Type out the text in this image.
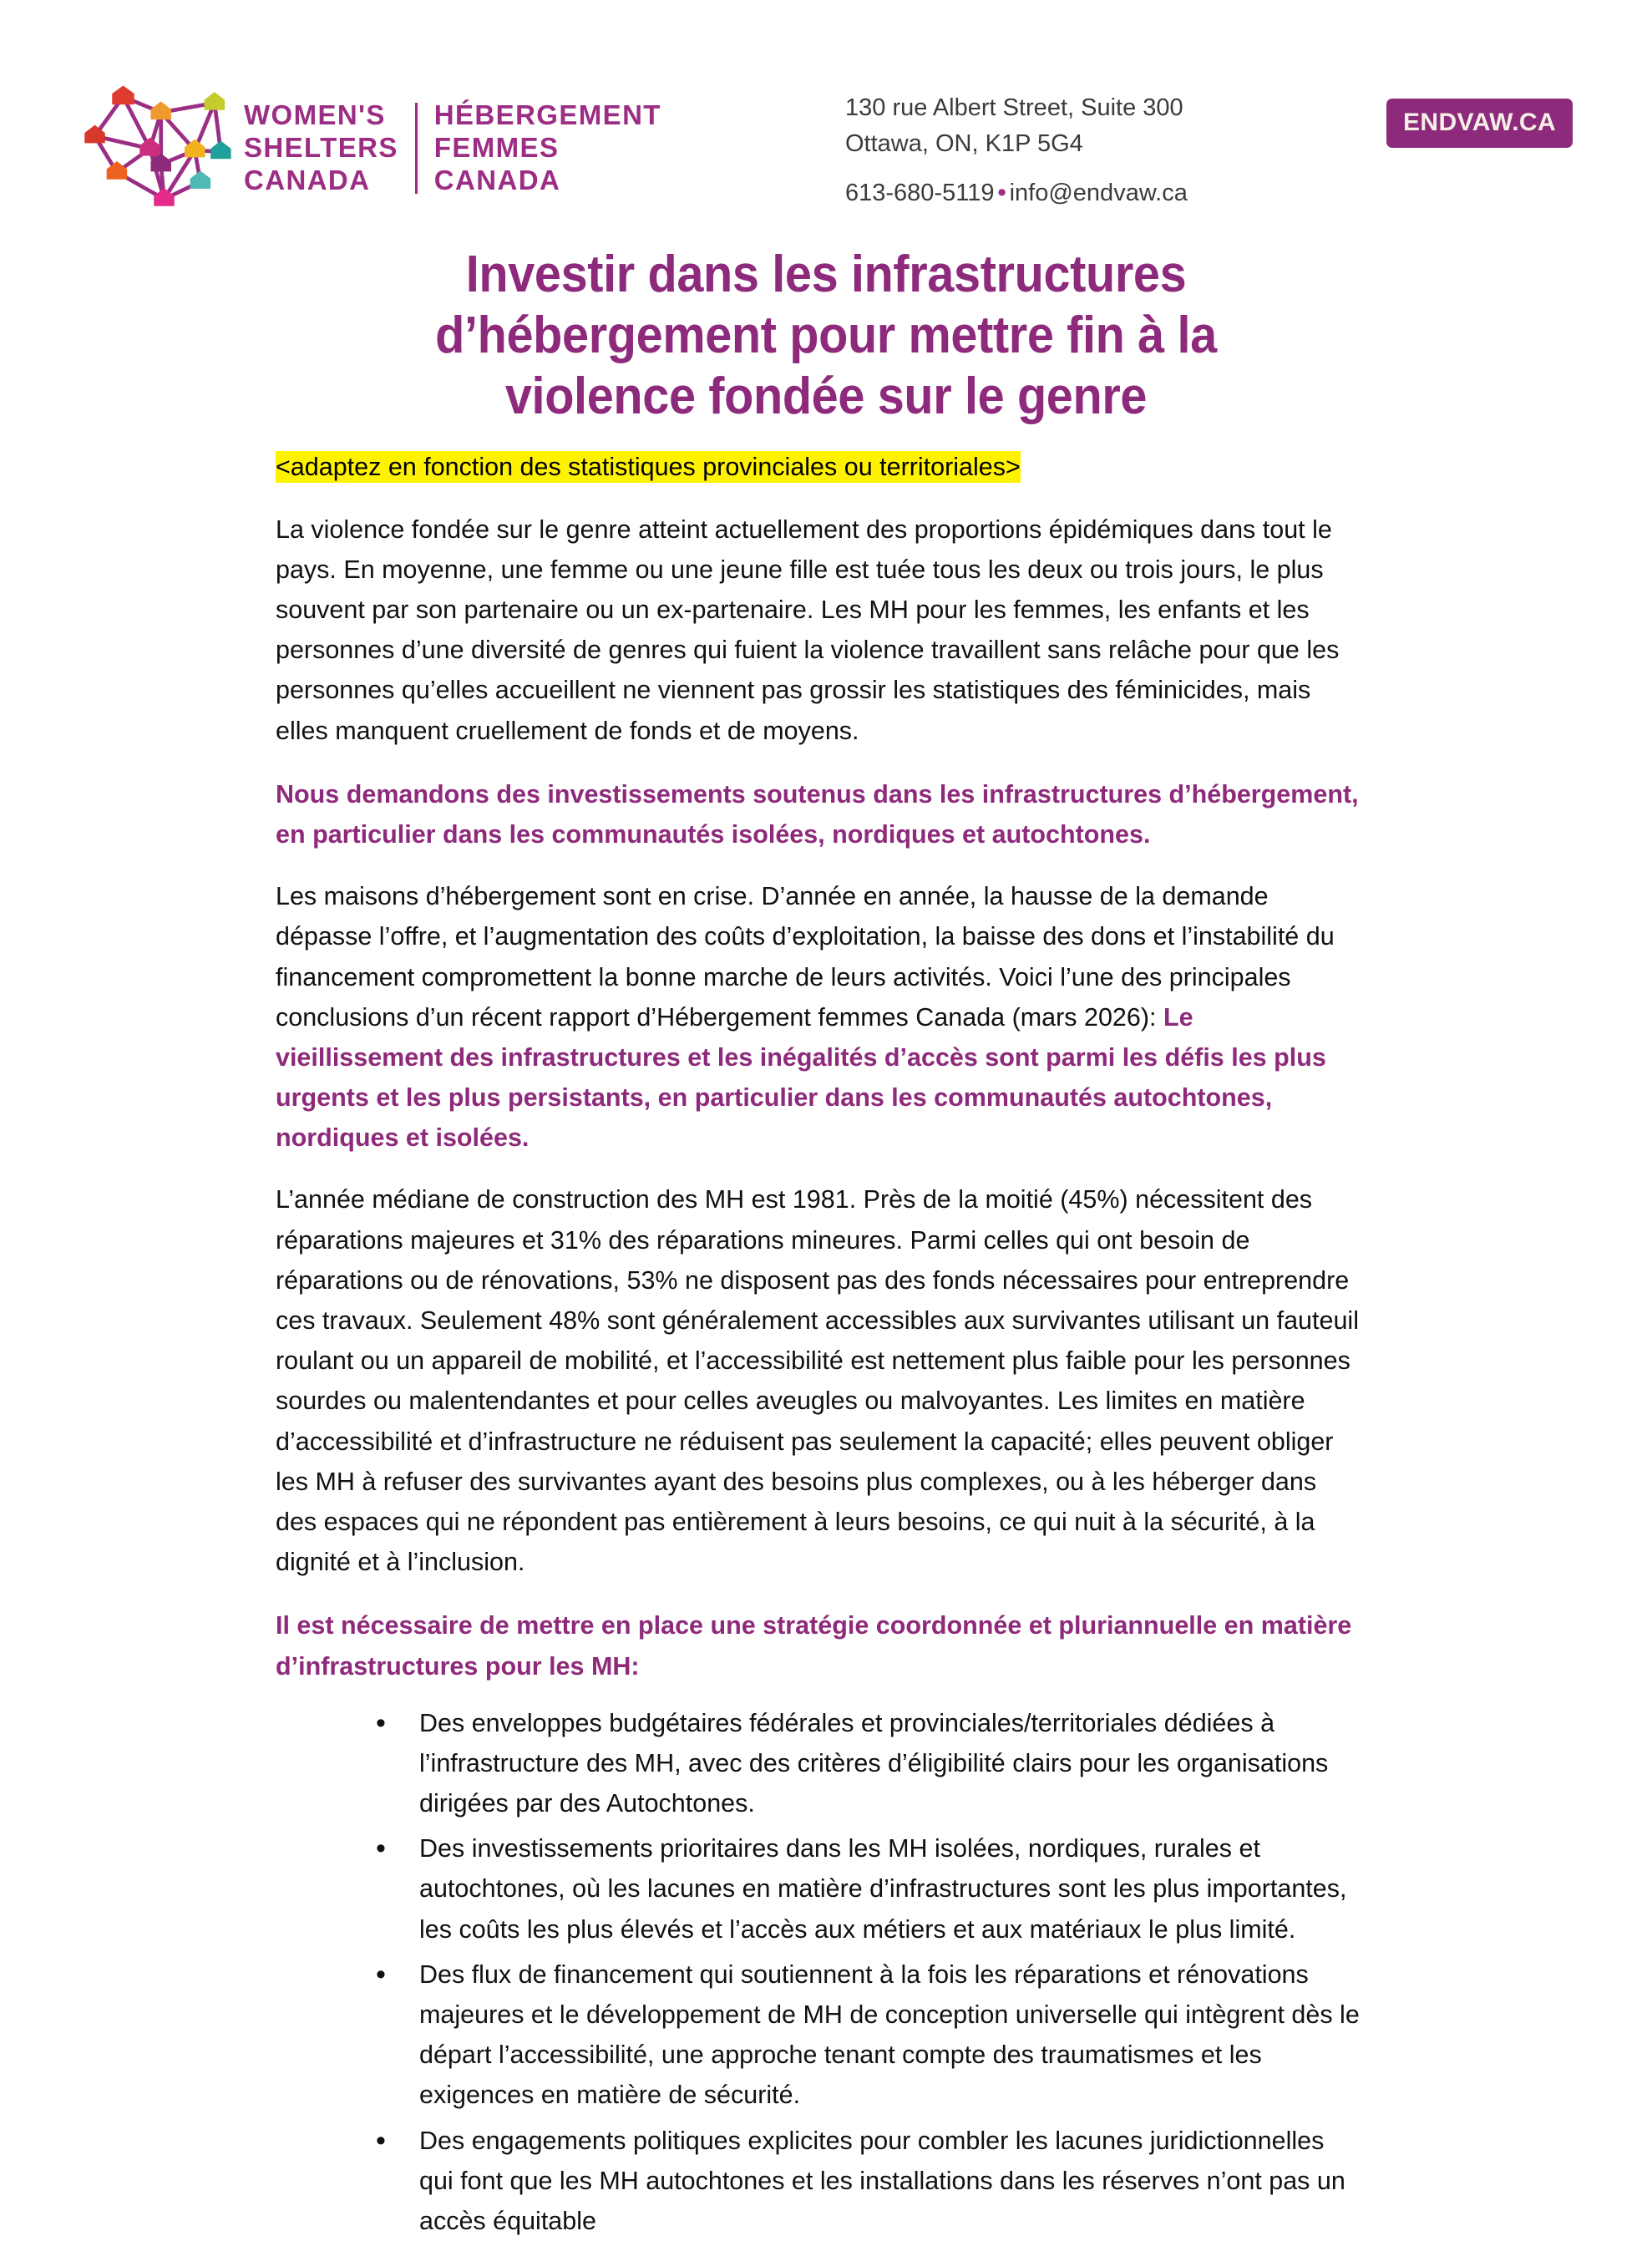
WOMEN'S
SHELTERS
CANADA
HÉBERGEMENT
FEMMES
CANADA
130 rue Albert Street, Suite 300
Ottawa, ON, K1P 5G4
613-680-5119 • info@endvaw.ca
ENDVAW.CA
Investir dans les infrastructures d’hébergement pour mettre fin à la violence fondée sur le genre
<adaptez en fonction des statistiques provinciales ou territoriales>

La violence fondée sur le genre atteint actuellement des proportions épidémiques dans tout le pays. En moyenne, une femme ou une jeune fille est tuée tous les deux ou trois jours, le plus souvent par son partenaire ou un ex-partenaire. Les MH pour les femmes, les enfants et les personnes d’une diversité de genres qui fuient la violence travaillent sans relâche pour que les personnes qu’elles accueillent ne viennent pas grossir les statistiques des féminicides, mais elles manquent cruellement de fonds et de moyens.

Nous demandons des investissements soutenus dans les infrastructures d’hébergement, en particulier dans les communautés isolées, nordiques et autochtones.

Les maisons d’hébergement sont en crise. D’année en année, la hausse de la demande dépasse l’offre, et l’augmentation des coûts d’exploitation, la baisse des dons et l’instabilité du financement compromettent la bonne marche de leurs activités. Voici l’une des principales conclusions d’un récent rapport d’Hébergement femmes Canada (mars 2026): Le vieillissement des infrastructures et les inégalités d’accès sont parmi les défis les plus urgents et les plus persistants, en particulier dans les communautés autochtones, nordiques et isolées.

L’année médiane de construction des MH est 1981. Près de la moitié (45%) nécessitent des réparations majeures et 31% des réparations mineures. Parmi celles qui ont besoin de réparations ou de rénovations, 53% ne disposent pas des fonds nécessaires pour entreprendre ces travaux. Seulement 48% sont généralement accessibles aux survivantes utilisant un fauteuil roulant ou un appareil de mobilité, et l’accessibilité est nettement plus faible pour les personnes sourdes ou malentendantes et pour celles aveugles ou malvoyantes. Les limites en matière d’accessibilité et d’infrastructure ne réduisent pas seulement la capacité; elles peuvent obliger les MH à refuser des survivantes ayant des besoins plus complexes, ou à les héberger dans des espaces qui ne répondent pas entièrement à leurs besoins, ce qui nuit à la sécurité, à la dignité et à l’inclusion.

Il est nécessaire de mettre en place une stratégie coordonnée et pluriannuelle en matière d’infrastructures pour les MH:

• Des enveloppes budgétaires fédérales et provinciales/territoriales dédiées à l’infrastructure des MH, avec des critères d’éligibilité clairs pour les organisations dirigées par des Autochtones.
• Des investissements prioritaires dans les MH isolées, nordiques, rurales et autochtones, où les lacunes en matière d’infrastructures sont les plus importantes, les coûts les plus élevés et l’accès aux métiers et aux matériaux le plus limité.
• Des flux de financement qui soutiennent à la fois les réparations et rénovations majeures et le développement de MH de conception universelle qui intègrent dès le départ l’accessibilité, une approche tenant compte des traumatismes et les exigences en matière de sécurité.
• Des engagements politiques explicites pour combler les lacunes juridictionnelles qui font que les MH autochtones et les installations dans les réserves n’ont pas un accès équitable
